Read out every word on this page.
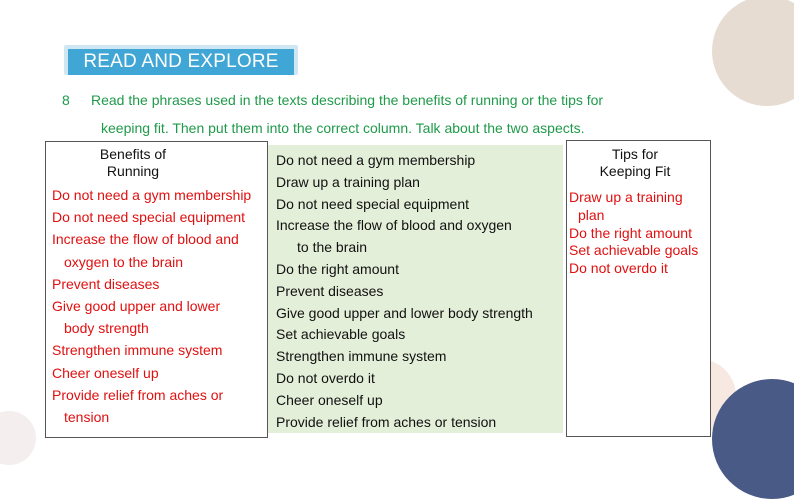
READ AND EXPLORE
8 Read the phrases used in the texts describing the benefits of running or the tips for
keeping fit. Then put them into the correct column. Talk about the two aspects.
Benefits of
Running
Do not need a gym membership
Do not need special equipment
Increase the flow of blood and
oxygen to the brain
Prevent diseases
Give good upper and lower
body strength
Strengthen immune system
Cheer oneself up
Provide relief from aches or
tension
Do not need a gym membership
Draw up a training plan
Do not need special equipment
Increase the flow of blood and oxygen
to the brain
Do the right amount
Prevent diseases
Give good upper and lower body strength
Set achievable goals
Strengthen immune system
Do not overdo it
Cheer oneself up
Provide relief from aches or tension
Tips for
Keeping Fit
Draw up a training
plan
Do the right amount
Set achievable goals
Do not overdo it
